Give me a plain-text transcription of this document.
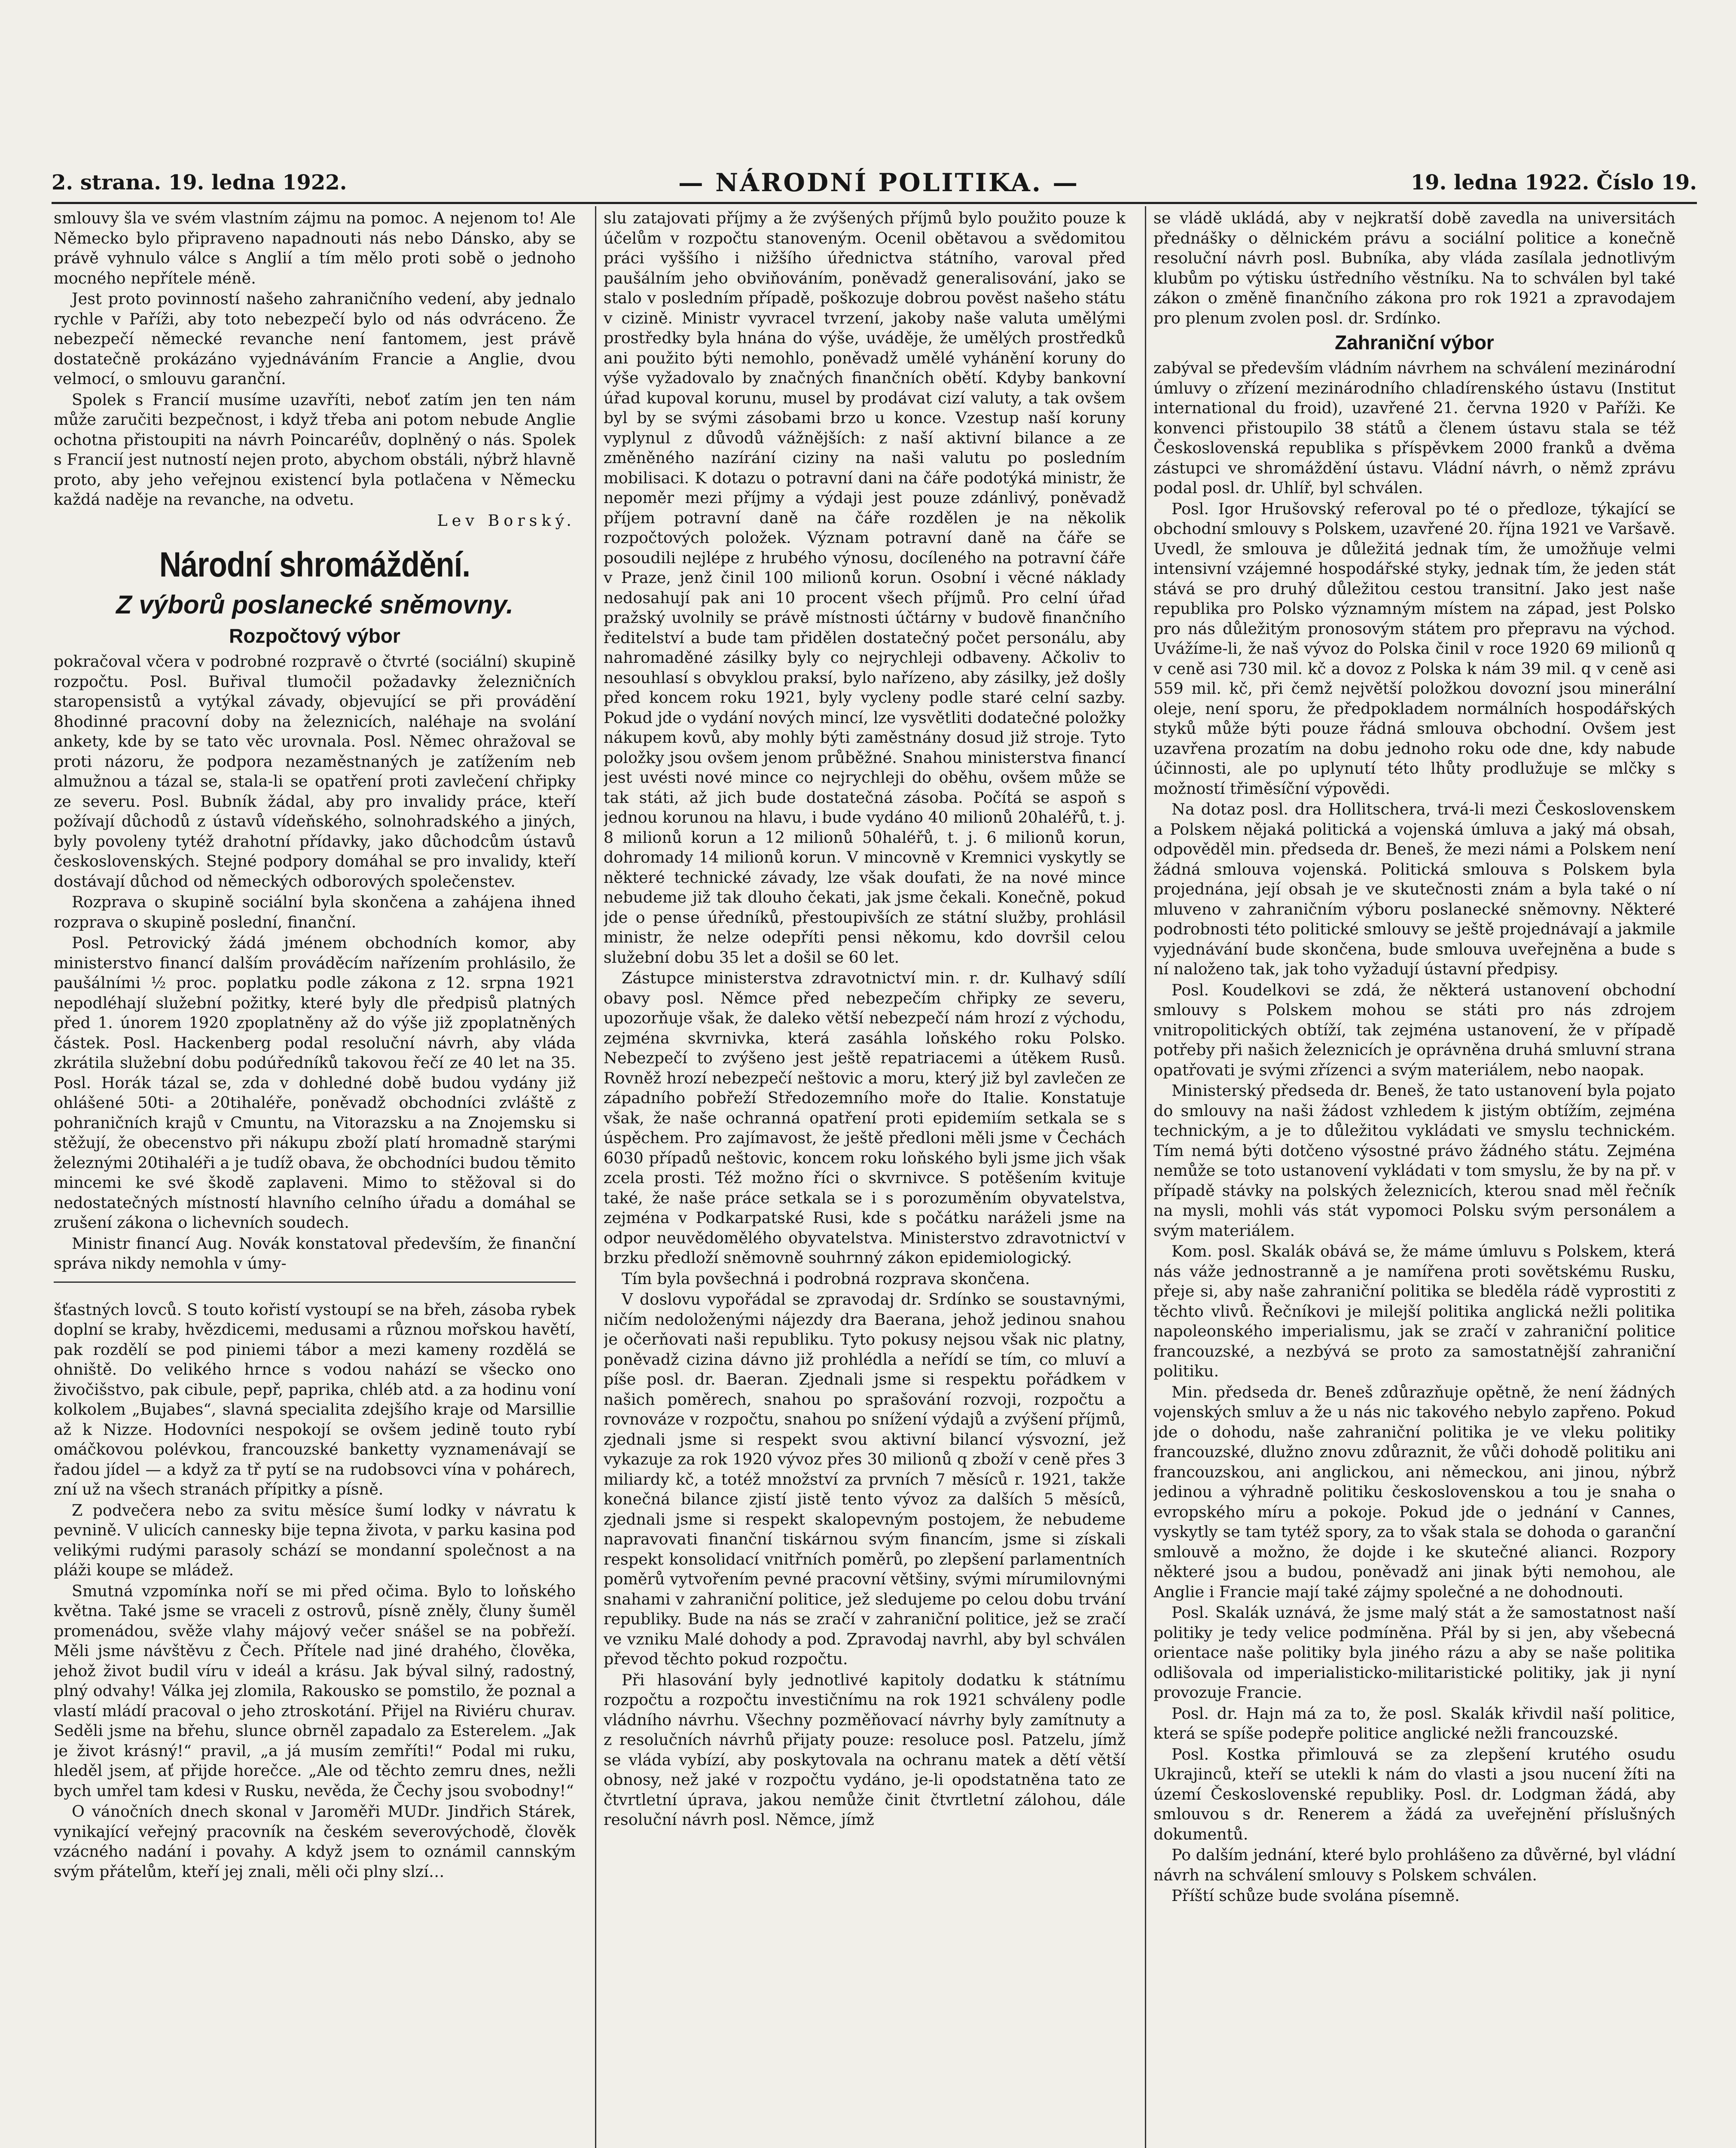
2. strana. 19. ledna 1922.	— NÁRODNÍ POLITIKA. —	19. ledna 1922. Číslo 19.

smlouvy šla ve svém vlastním zájmu na pomoc. A nejenom to! Ale Německo bylo připraveno napadnouti nás nebo Dánsko, aby se právě vyhnulo válce s Anglií a tím mělo proti sobě o jednoho mocného nepřítele méně.

Jest proto povinností našeho zahraničního vedení, aby jednalo rychle v Paříži, aby toto nebezpečí bylo od nás odvráceno. Že nebezpečí německé revanche není fantomem, jest právě dostatečně prokázáno vyjednáváním Francie a Anglie, dvou velmocí, o smlouvu garanční.

Spolek s Francií musíme uzavříti, neboť zatím jen ten nám může zaručiti bezpečnost, i když třeba ani potom nebude Anglie ochotna přistoupiti na návrh Poincaréův, doplněný o nás. Spolek s Francií jest nutností nejen proto, abychom obstáli, nýbrž hlavně proto, aby jeho veřejnou existencí byla potlačena v Německu každá naděje na revanche, na odvetu.

Lev Borský.

Národní shromáždění.
Z výborů poslanecké sněmovny.
Rozpočtový výbor

pokračoval včera v podrobné rozpravě o čtvrté (sociální) skupině rozpočtu. Posl. Buřival tlumočil požadavky železničních staropensistů a vytýkal závady, objevující se při provádění 8hodinné pracovní doby na železnicích, naléhaje na svolání ankety, kde by se tato věc urovnala. Posl. Němec ohražoval se proti názoru, že podpora nezaměstnaných je zatížením neb almužnou a tázal se, stala-li se opatření proti zavlečení chřipky ze severu. Posl. Bubník žádal, aby pro invalidy práce, kteří požívají důchodů z ústavů vídeňského, solnohradského a jiných, byly povoleny tytéž drahotní přídavky, jako důchodcům ústavů československých. Stejné podpory domáhal se pro invalidy, kteří dostávají důchod od německých odborových společenstev.

Rozprava o skupině sociální byla skončena a zahájena ihned rozprava o skupině poslední, finanční.

Posl. Petrovický žádá jménem obchodních komor, aby ministerstvo financí dalším prováděcím nařízením prohlásilo, že paušálními ½ proc. poplatku podle zákona z 12. srpna 1921 nepodléhají služební požitky, které byly dle předpisů platných před 1. únorem 1920 zpoplatněny až do výše již zpoplatněných částek. Posl. Hackenberg podal resoluční návrh, aby vláda zkrátila služební dobu podúředníků takovou řečí ze 40 let na 35. Posl. Horák tázal se, zda v dohledné době budou vydány již ohlášené 50ti- a 20tihaléře, poněvadž obchodníci zvláště z pohraničních krajů v Cmuntu, na Vitorazsku a na Znojemsku si stěžují, že obecenstvo při nákupu zboží platí hromadně starými železnými 20tihaléři a je tudíž obava, že obchodníci budou těmito mincemi ke své škodě zaplaveni. Mimo to stěžoval si do nedostatečných místností hlavního celního úřadu a domáhal se zrušení zákona o lichevních soudech.

Ministr financí Aug. Novák konstatoval především, že finanční správa nikdy nemohla v úmy-

šťastných lovců. S touto kořistí vystoupí se na břeh, zásoba rybek doplní se kraby, hvězdicemi, medusami a různou mořskou havětí, pak rozdělí se pod piniemi tábor a mezi kameny rozdělá se ohniště. Do velikého hrnce s vodou nahází se všecko ono živočišstvo, pak cibule, pepř, paprika, chléb atd. a za hodinu voní kolkolem „Bujabes“, slavná specialita zdejšího kraje od Marsillie až k Nizze. Hodovníci nespokojí se ovšem jedině touto rybí omáčkovou polévkou, francouzské banketty vyznamenávají se řadou jídel — a když za tř pytí se na rudobsovci vína v pohárech, zní už na všech stranách přípitky a písně.

Z podvečera nebo za svitu měsíce šumí lodky v návratu k pevnině. V ulicích cannesky bije tepna života, v parku kasina pod velikými rudými parasoly schází se mondanní společnost a na pláži koupe se mládež.

Smutná vzpomínka noří se mi před očima. Bylo to loňského května. Také jsme se vraceli z ostrovů, písně zněly, čluny šuměl promenádou, svěže vlahy májový večer snášel se na pobřeží. Měli jsme návštěvu z Čech. Přítele nad jiné drahého, člověka, jehož život budil víru v ideál a krásu. Jak býval silný, radostný, plný odvahy! Válka jej zlomila, Rakousko se pomstilo, že poznal a vlastí mládí pracoval o jeho ztroskotání. Přijel na Riviéru churav. Seděli jsme na břehu, slunce obrněl zapadalo za Esterelem. „Jak je život krásný!“ pravil, „a já musím zemříti!“ Podal mi ruku, hleděl jsem, ať přijde horečce. „Ale od těchto zemru dnes, nežli bych umřel tam kdesi v Rusku, nevěda, že Čechy jsou svobodny!“

O vánočních dnech skonal v Jaroměři MUDr. Jindřich Stárek, vynikající veřejný pracovník na českém severovýchodě, člověk vzácného nadání i povahy. A když jsem to oznámil cannským svým přátelům, kteří jej znali, měli oči plny slzí…

slu zatajovati příjmy a že zvýšených příjmů bylo použito pouze k účelům v rozpočtu stanoveným. Ocenil obětavou a svědomitou práci vyššího i nižšího úřednictva státního, varoval před paušálním jeho obviňováním, poněvadž generalisování, jako se stalo v posledním případě, poškozuje dobrou pověst našeho státu v cizině. Ministr vyvracel tvrzení, jakoby naše valuta umělými prostředky byla hnána do výše, uváděje, že umělých prostředků ani použito býti nemohlo, poněvadž umělé vyhánění koruny do výše vyžadovalo by značných finančních obětí. Kdyby bankovní úřad kupoval korunu, musel by prodávat cizí valuty, a tak ovšem byl by se svými zásobami brzo u konce. Vzestup naší koruny vyplynul z důvodů vážnějších: z naší aktivní bilance a ze změněného nazírání ciziny na naši valutu po posledním mobilisaci. K dotazu o potravní dani na čáře podotýká ministr, že nepoměr mezi příjmy a výdaji jest pouze zdánlivý, poněvadž příjem potravní daně na čáře rozdělen je na několik rozpočtových položek. Význam potravní daně na čáře se posoudili nejlépe z hrubého výnosu, docíleného na potravní čáře v Praze, jenž činil 100 milionů korun. Osobní i věcné náklady nedosahují pak ani 10 procent všech příjmů. Pro celní úřad pražský uvolnily se právě místnosti účtárny v budově finančního ředitelství a bude tam přidělen dostatečný počet personálu, aby nahromaděné zásilky byly co nejrychleji odbaveny. Ačkoliv to nesouhlasí s obvyklou praksí, bylo nařízeno, aby zásilky, jež došly před koncem roku 1921, byly vycleny podle staré celní sazby. Pokud jde o vydání nových mincí, lze vysvětliti dodatečné položky nákupem kovů, aby mohly býti zaměstnány dosud již stroje. Tyto položky jsou ovšem jenom průběžné. Snahou ministerstva financí jest uvésti nové mince co nejrychleji do oběhu, ovšem může se tak státi, až jich bude dostatečná zásoba. Počítá se aspoň s jednou korunou na hlavu, i bude vydáno 40 milionů 20haléřů, t. j. 8 milionů korun a 12 milionů 50haléřů, t. j. 6 milionů korun, dohromady 14 milionů korun. V mincovně v Kremnici vyskytly se některé technické závady, lze však doufati, že na nové mince nebudeme již tak dlouho čekati, jak jsme čekali. Konečně, pokud jde o pense úředníků, přestoupivších ze státní služby, prohlásil ministr, že nelze odepříti pensi někomu, kdo dovršil celou služební dobu 35 let a došil se 60 let.

Zástupce ministerstva zdravotnictví min. r. dr. Kulhavý sdílí obavy posl. Němce před nebezpečím chřipky ze severu, upozorňuje však, že daleko větší nebezpečí nám hrozí z východu, zejména skvrnivka, která zasáhla loňského roku Polsko. Nebezpečí to zvýšeno jest ještě repatriacemi a útěkem Rusů. Rovněž hrozí nebezpečí neštovic a moru, který již byl zavlečen ze západního pobřeží Středozemního moře do Italie. Konstatuje však, že naše ochranná opatření proti epidemiím setkala se s úspěchem. Pro zajímavost, že ještě předloni měli jsme v Čechách 6030 případů neštovic, koncem roku loňského byli jsme jich však zcela prosti. Též možno říci o skvrnivce. S potěšením kvituje také, že naše práce setkala se i s porozuměním obyvatelstva, zejména v Podkarpatské Rusi, kde s počátku naráželi jsme na odpor neuvědomělého obyvatelstva. Ministerstvo zdravotnictví v brzku předloží sněmovně souhrnný zákon epidemiologický.

Tím byla povšechná i podrobná rozprava skončena.

V doslovu vypořádal se zpravodaj dr. Srdínko se soustavnými, ničím nedoloženými nájezdy dra Baerana, jehož jedinou snahou je očerňovati naši republiku. Tyto pokusy nejsou však nic platny, poněvadž cizina dávno již prohlédla a neřídí se tím, co mluví a píše posl. dr. Baeran. Zjednali jsme si respektu pořádkem v našich poměrech, snahou po sprašování rozvoji, rozpočtu a rovnováze v rozpočtu, snahou po snížení výdajů a zvýšení příjmů, zjednali jsme si respekt svou aktivní bilancí výsvozní, jež vykazuje za rok 1920 vývoz přes 30 milionů q zboží v ceně přes 3 miliardy kč, a totéž množství za prvních 7 měsíců r. 1921, takže konečná bilance zjistí jistě tento vývoz za dalších 5 měsíců, zjednali jsme si respekt skalopevným postojem, že nebudeme napravovati finanční tiskárnou svým financím, jsme si získali respekt konsolidací vnitřních poměrů, po zlepšení parlamentních poměrů vytvořením pevné pracovní většiny, svými mírumilovnými snahami v zahraniční politice, jež sledujeme po celou dobu trvání republiky. Bude na nás se zračí v zahraniční politice, jež se zračí ve vzniku Malé dohody a pod. Zpravodaj navrhl, aby byl schválen převod těchto pokud rozpočtu.

Při hlasování byly jednotlivé kapitoly dodatku k státnímu rozpočtu a rozpočtu investičnímu na rok 1921 schváleny podle vládního návrhu. Všechny pozměňovací návrhy byly zamítnuty a z resolučních návrhů přijaty pouze: resoluce posl. Patzelu, jímž se vláda vybízí, aby poskytovala na ochranu matek a dětí větší obnosy, než jaké v rozpočtu vydáno, je-li opodstatněna tato ze čtvrtletní úprava, jakou nemůže činit čtvrtletní zálohou, dále resoluční návrh posl. Němce, jímž

se vládě ukládá, aby v nejkratší době zavedla na universitách přednášky o dělnickém právu a sociální politice a konečně resoluční návrh posl. Bubníka, aby vláda zasílala jednotlivým klubům po výtisku ústředního věstníku. Na to schválen byl také zákon o změně finančního zákona pro rok 1921 a zpravodajem pro plenum zvolen posl. dr. Srdínko.

Zahraniční výbor

zabýval se především vládním návrhem na schválení mezinárodní úmluvy o zřízení mezinárodního chladírenského ústavu (Institut international du froid), uzavřené 21. června 1920 v Paříži. Ke konvenci přistoupilo 38 států a členem ústavu stala se též Československá republika s příspěvkem 2000 franků a dvěma zástupci ve shromáždění ústavu. Vládní návrh, o němž zprávu podal posl. dr. Uhlíř, byl schválen.

Posl. Igor Hrušovský referoval po té o předloze, týkající se obchodní smlouvy s Polskem, uzavřené 20. října 1921 ve Varšavě. Uvedl, že smlouva je důležitá jednak tím, že umožňuje velmi intensivní vzájemné hospodářské styky, jednak tím, že jeden stát stává se pro druhý důležitou cestou transitní. Jako jest naše republika pro Polsko významným místem na západ, jest Polsko pro nás důležitým pronosovým státem pro přepravu na východ. Uvážíme-li, že naš vývoz do Polska činil v roce 1920 69 milionů q v ceně asi 730 mil. kč a dovoz z Polska k nám 39 mil. q v ceně asi 559 mil. kč, při čemž největší položkou dovozní jsou minerální oleje, není sporu, že předpokladem normálních hospodářských styků může býti pouze řádná smlouva obchodní. Ovšem jest uzavřena prozatím na dobu jednoho roku ode dne, kdy nabude účinnosti, ale po uplynutí této lhůty prodlužuje se mlčky s možností třiměsíční výpovědi.

Na dotaz posl. dra Hollitschera, trvá-li mezi Československem a Polskem nějaká politická a vojenská úmluva a jaký má obsah, odpověděl min. předseda dr. Beneš, že mezi námi a Polskem není žádná smlouva vojenská. Politická smlouva s Polskem byla projednána, její obsah je ve skutečnosti znám a byla také o ní mluveno v zahraničním výboru poslanecké sněmovny. Některé podrobnosti této politické smlouvy se ještě projednávají a jakmile vyjednávání bude skončena, bude smlouva uveřejněna a bude s ní naloženo tak, jak toho vyžadují ústavní předpisy.

Posl. Koudelkovi se zdá, že některá ustanovení obchodní smlouvy s Polskem mohou se státi pro nás zdrojem vnitropolitických obtíží, tak zejména ustanovení, že v případě potřeby při našich železnicích je oprávněna druhá smluvní strana opatřovati je svými zřízenci a svým materiálem, nebo naopak.

Ministerský předseda dr. Beneš, že tato ustanovení byla pojato do smlouvy na naši žádost vzhledem k jistým obtížím, zejména technickým, a je to důležitou vykládati ve smyslu technickém. Tím nemá býti dotčeno výsostné právo žádného státu. Zejména nemůže se toto ustanovení vykládati v tom smyslu, že by na př. v případě stávky na polských železnicích, kterou snad měl řečník na mysli, mohli vás stát vypomoci Polsku svým personálem a svým materiálem.

Kom. posl. Skalák obává se, že máme úmluvu s Polskem, která nás váže jednostranně a je namířena proti sovětskému Rusku, přeje si, aby naše zahraniční politika se bleděla rádě vyprostiti z těchto vlivů. Řečníkovi je milejší politika anglická nežli politika napoleonského imperialismu, jak se zračí v zahraniční politice francouzské, a nezbývá se proto za samostatnější zahraniční politiku.

Min. předseda dr. Beneš zdůrazňuje opětně, že není žádných vojenských smluv a že u nás nic takového nebylo zapřeno. Pokud jde o dohodu, naše zahraniční politika je ve vleku politiky francouzské, dlužno znovu zdůraznit, že vůči dohodě politiku ani francouzskou, ani anglickou, ani německou, ani jinou, nýbrž jedinou a výhradně politiku československou a tou je snaha o evropského míru a pokoje. Pokud jde o jednání v Cannes, vyskytly se tam tytéž spory, za to však stala se dohoda o garanční smlouvě a možno, že dojde i ke skutečné alianci. Rozpory některé jsou a budou, poněvadž ani jinak býti nemohou, ale Anglie i Francie mají také zájmy společné a ne dohodnouti.

Posl. Skalák uznává, že jsme malý stát a že samostatnost naší politiky je tedy velice podmíněna. Přál by si jen, aby všebecná orientace naše politiky byla jiného rázu a aby se naše politika odlišovala od imperialisticko-militaristické politiky, jak ji nyní provozuje Francie.

Posl. dr. Hajn má za to, že posl. Skalák křivdil naší politice, která se spíše podepře politice anglické nežli francouzské.

Posl. Kostka přimlouvá se za zlepšení krutého osudu Ukrajinců, kteří se utekli k nám do vlasti a jsou nucení žíti na území Československé republiky. Posl. dr. Lodgman žádá, aby smlouvou s dr. Renerem a žádá za uveřejnění příslušných dokumentů.

Po dalším jednání, které bylo prohlášeno za důvěrné, byl vládní návrh na schválení smlouvy s Polskem schválen.

Příští schůze bude svolána písemně.
